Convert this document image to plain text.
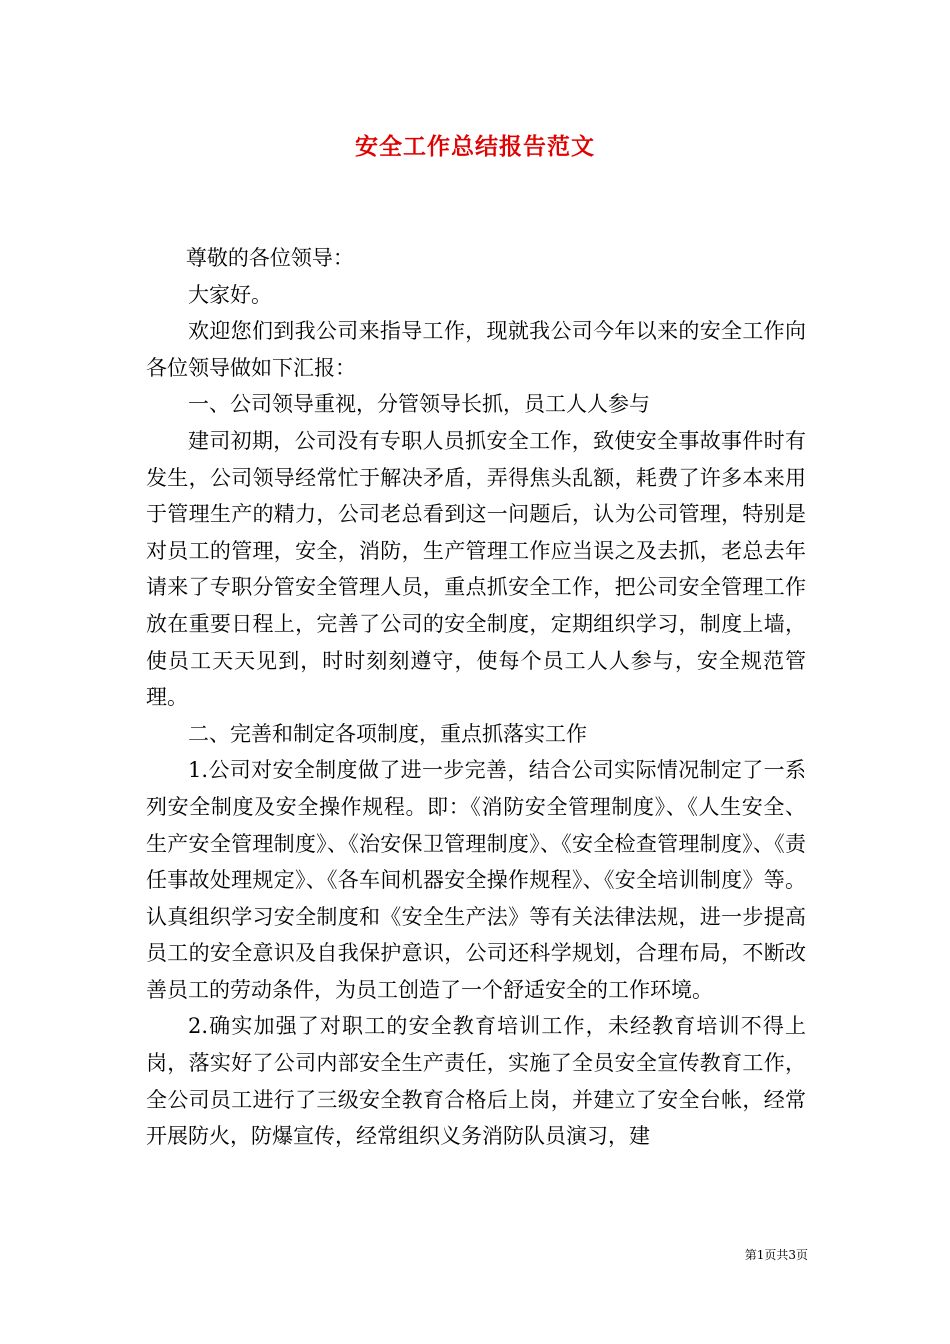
安全工作总结报告范文

尊敬的各位领导：

大家好。

欢迎您们到我公司来指导工作，现就我公司今年以来的安全工作向各位领导做如下汇报：

一、公司领导重视，分管领导长抓，员工人人参与

建司初期，公司没有专职人员抓安全工作，致使安全事故事件时有发生，公司领导经常忙于解决矛盾，弄得焦头乱额，耗费了许多本来用于管理生产的精力，公司老总看到这一问题后，认为公司管理，特别是对员工的管理，安全，消防，生产管理工作应当误之及去抓，老总去年请来了专职分管安全管理人员，重点抓安全工作，把公司安全管理工作放在重要日程上，完善了公司的安全制度，定期组织学习，制度上墙，使员工天天见到，时时刻刻遵守，使每个员工人人参与，安全规范管理。

二、完善和制定各项制度，重点抓落实工作

1.公司对安全制度做了进一步完善，结合公司实际情况制定了一系列安全制度及安全操作规程。即：《消防安全管理制度》、《人生安全、生产安全管理制度》、《治安保卫管理制度》、《安全检查管理制度》、《责任事故处理规定》、《各车间机器安全操作规程》、《安全培训制度》等。认真组织学习安全制度和《安全生产法》等有关法律法规，进一步提高员工的安全意识及自我保护意识，公司还科学规划，合理布局，不断改善员工的劳动条件，为员工创造了一个舒适安全的工作环境。

2.确实加强了对职工的安全教育培训工作，未经教育培训不得上岗，落实好了公司内部安全生产责任，实施了全员安全宣传教育工作，全公司员工进行了三级安全教育合格后上岗，并建立了安全台帐，经常开展防火，防爆宣传，经常组织义务消防队员演习，建

第1页共3页
